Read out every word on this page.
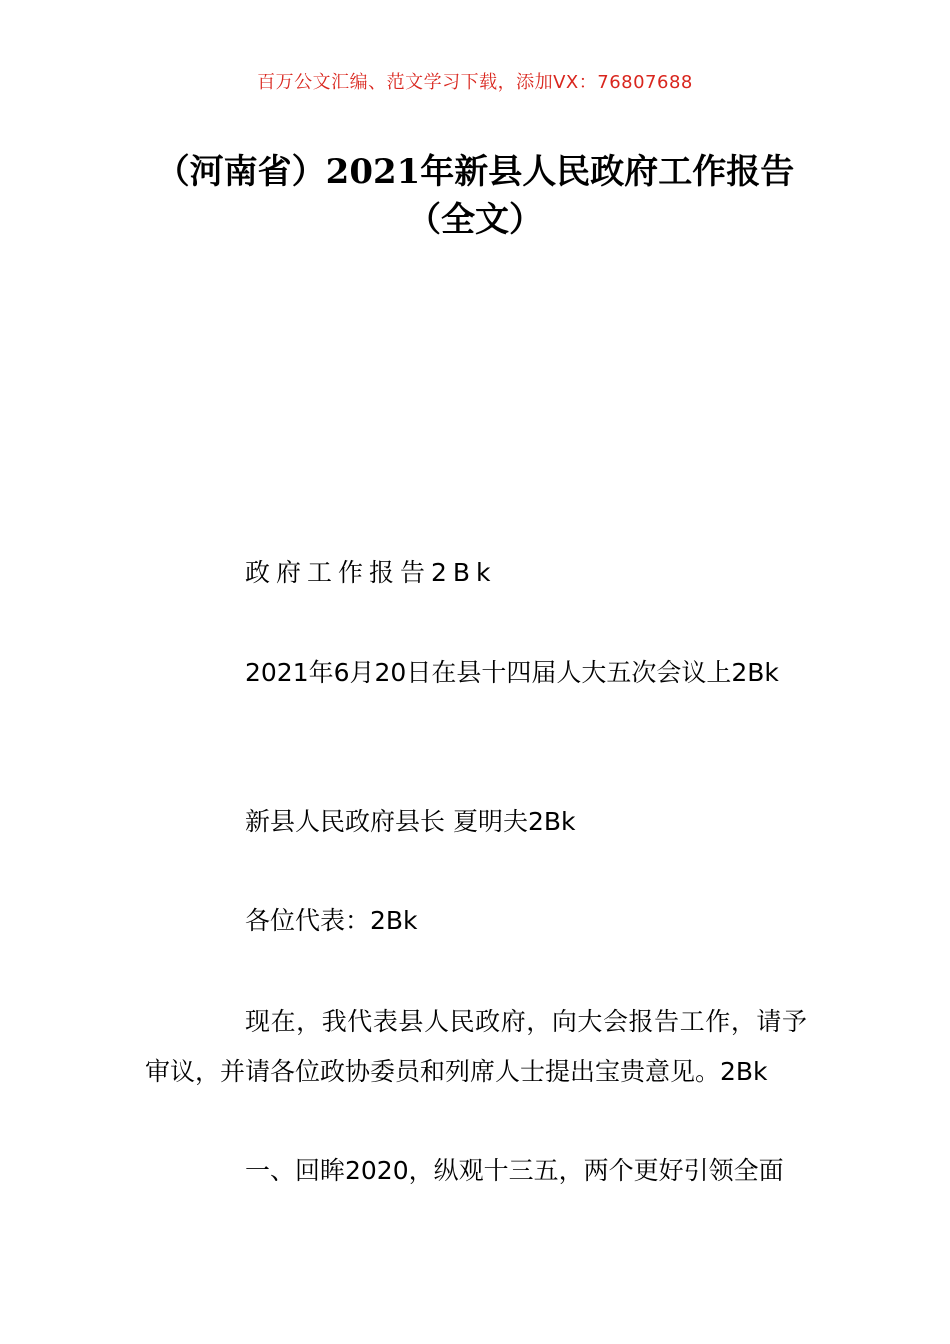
百万公文汇编、范文学习下载，添加VX：76807688
（河南省）2021年新县人民政府工作报告
（全文）

政府工作报告2Bk

2021年6月20日在县十四届人大五次会议上2Bk

新县人民政府县长 夏明夫2Bk

各位代表：2Bk

现在，我代表县人民政府，向大会报告工作，请予审议，并请各位政协委员和列席人士提出宝贵意见。2Bk

一、回眸2020，纵观十三五，两个更好引领全面
